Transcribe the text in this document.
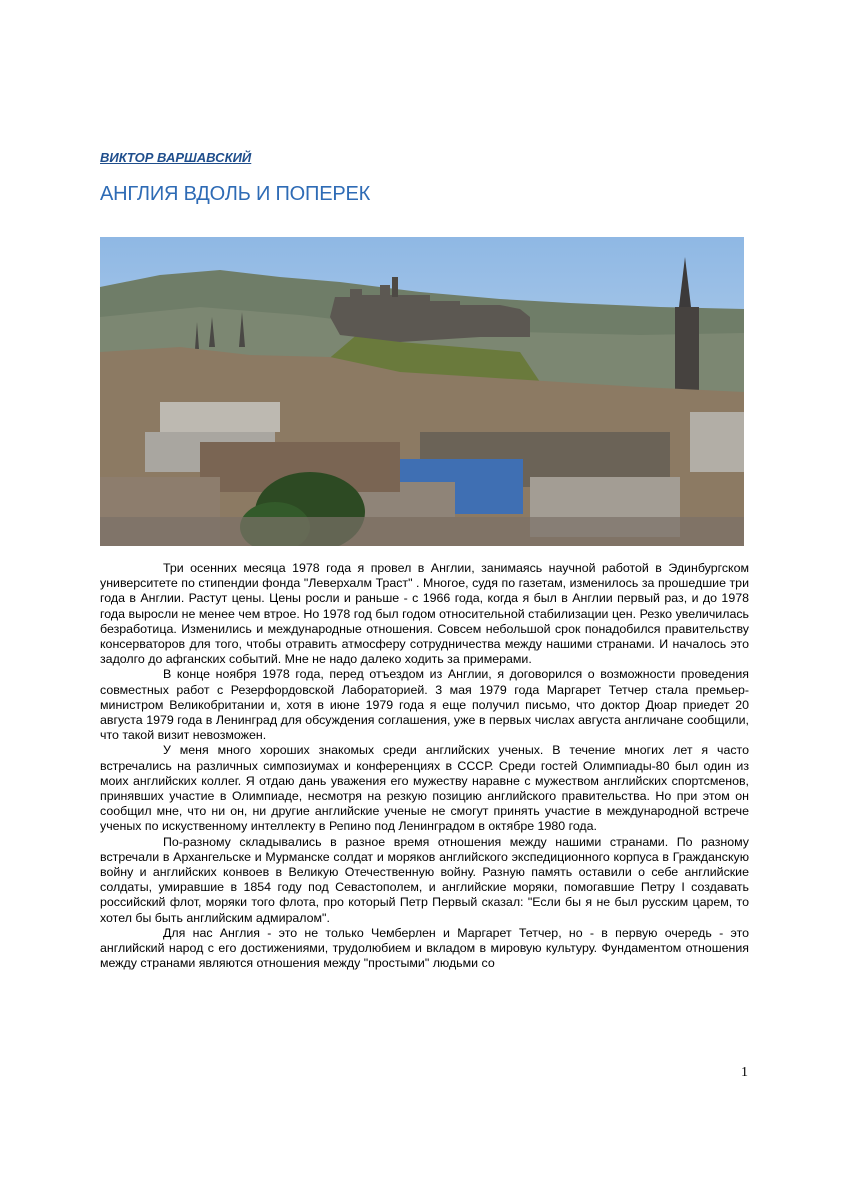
ВИКТОР ВАРШАВСКИЙ
АНГЛИЯ ВДОЛЬ И ПОПЕРЕК

Три осенних месяца 1978 года я провел в Англии, занимаясь научной работой в Эдинбургском университете по стипендии фонда "Леверхалм Траст" . Многое, судя по газетам, изменилось за прошедшие три года в Англии. Растут цены. Цены росли и раньше - с 1966 года, когда я был в Англии первый раз, и до 1978 года выросли не менее чем втрое. Но 1978 год был годом относительной стабилизации цен. Резко увеличилась безработица. Изменились и международные отношения. Совсем небольшой срок понадобился правительству консерваторов для того, чтобы отравить атмосферу сотрудничества между нашими странами. И началось это задолго до афганских событий. Мне не надо далеко ходить за примерами.

В конце ноября 1978 года, перед отъездом из Англии, я договорился о возможности проведения совместных работ с Резерфордовской Лабораторией. 3 мая 1979 года Маргарет Тетчер стала премьер-министром Великобритании и, хотя в июне 1979 года я еще получил письмо, что доктор Дюар приедет 20 августа 1979 года в Ленинград для обсуждения соглашения, уже в первых числах августа англичане сообщили, что такой визит невозможен.

У меня много хороших знакомых среди английских ученых. В течение многих лет я часто встречались на различных симпозиумах и конференциях в СССР. Среди гостей Олимпиады-80 был один из моих английских коллег. Я отдаю дань уважения его мужеству наравне с мужеством английских спортсменов, принявших участие в Олимпиаде, несмотря на резкую позицию английского правительства. Но при этом он сообщил мне, что ни он, ни другие английские ученые не смогут принять участие в международной встрече ученых по искуственному интеллекту в Репино под Ленинградом в октябре 1980 года.

По-разному складывались в разное время отношения между нашими странами. По разному встречали в Архангельске и Мурманске солдат и моряков английского экспедиционного корпуса в Гражданскую войну и английских конвоев в Великую Отечественную войну. Разную память оставили о себе английские солдаты, умиравшие в 1854 году под Севастополем, и английские моряки, помогавшие Петру I создавать российский флот, моряки того флота, про который Петр Первый сказал: "Если бы я не был русским царем, то хотел бы быть английским адмиралом".

Для нас Англия - это не только Чемберлен и Маргарет Тетчер, но - в первую очередь - это английский народ с его достижениями, трудолюбием и вкладом в мировую культуру. Фундаментом отношения между странами являются отношения между "простыми" людьми со

1
